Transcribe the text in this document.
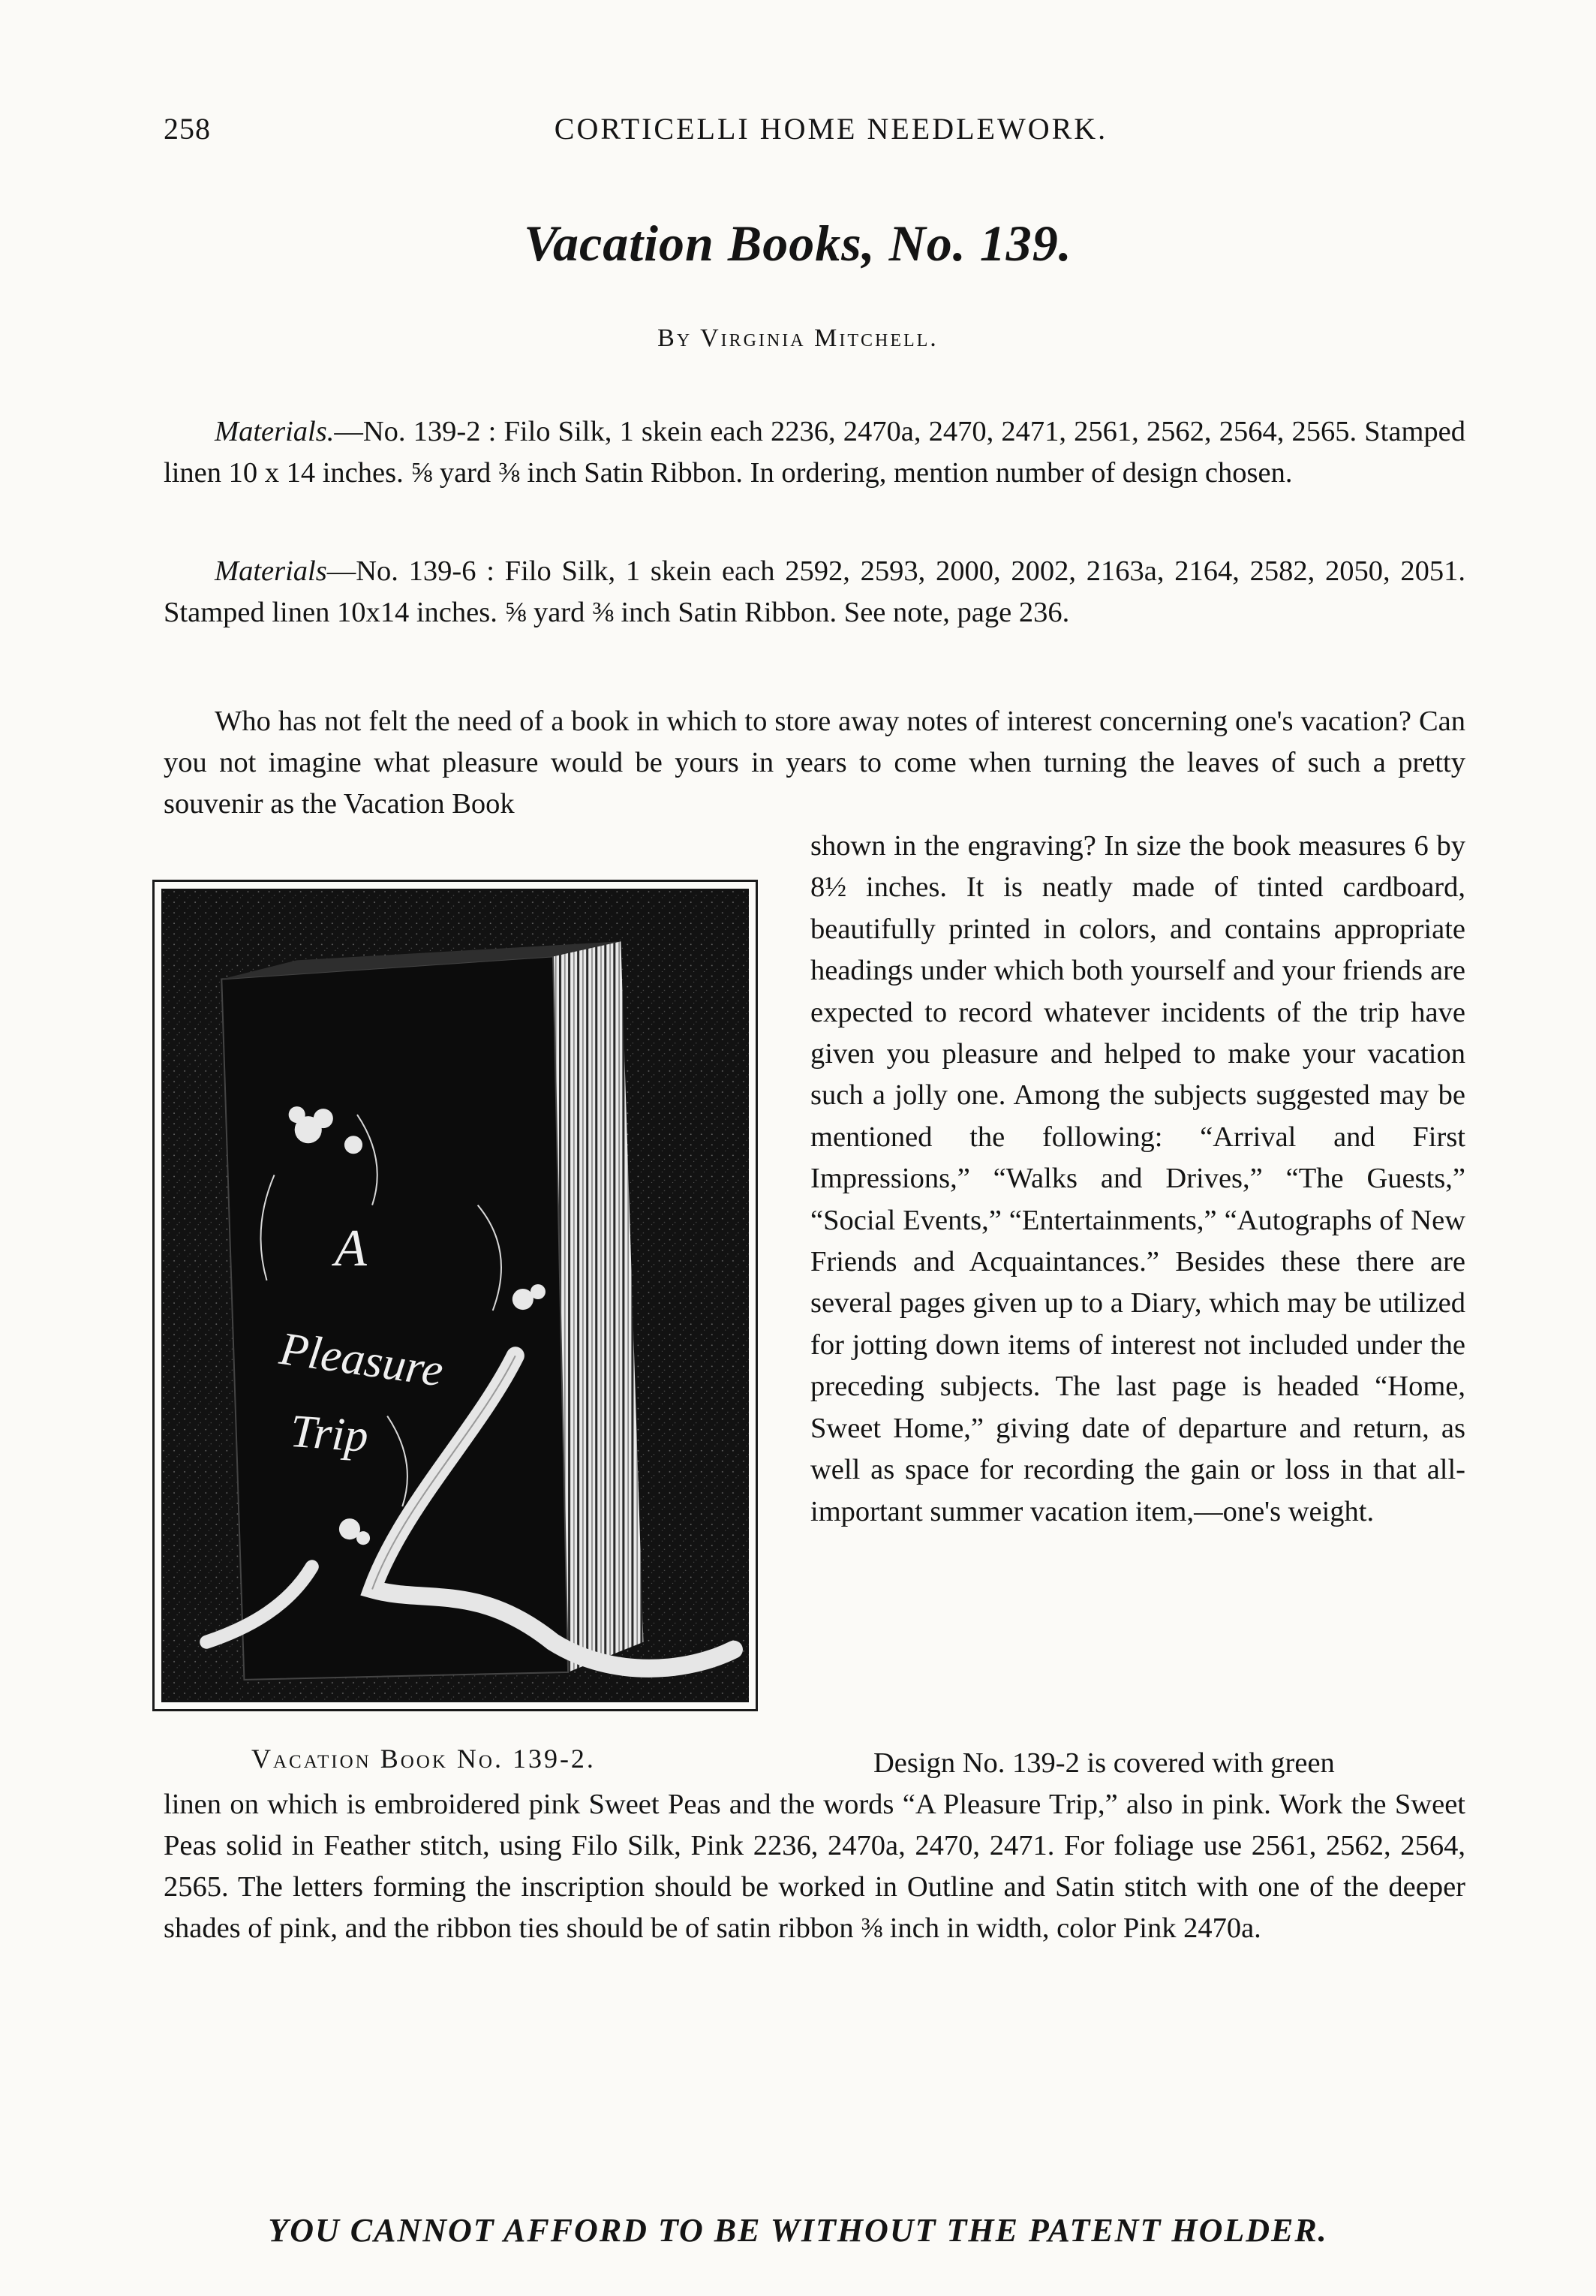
258	CORTICELLI HOME NEEDLEWORK.
Vacation Books, No. 139.
By Virginia Mitchell.

Materials.—No. 139-2 : Filo Silk, 1 skein each 2236, 2470a, 2470, 2471, 2561, 2562, 2564, 2565. Stamped linen 10 x 14 inches. ⅝ yard ⅜ inch Satin Ribbon. In ordering, mention number of design chosen.

Materials—No. 139-6 : Filo Silk, 1 skein each 2592, 2593, 2000, 2002, 2163a, 2164, 2582, 2050, 2051. Stamped linen 10x14 inches. ⅝ yard ⅜ inch Satin Ribbon. See note, page 236.

Who has not felt the need of a book in which to store away notes of interest concerning one's vacation? Can you not imagine what pleasure would be yours in years to come when turning the leaves of such a pretty souvenir as the Vacation Book

A
Pleasure
Trip
shown in the engraving? In size the book measures 6 by 8½ inches. It is neatly made of tinted cardboard, beautifully printed in colors, and contains appropriate headings under which both yourself and your friends are expected to record whatever incidents of the trip have given you pleasure and helped to make your vacation such a jolly one. Among the subjects suggested may be mentioned the following: “Arrival and First Impressions,” “Walks and Drives,” “The Guests,” “Social Events,” “Entertainments,” “Autographs of New Friends and Acquaintances.” Besides these there are several pages given up to a Diary, which may be utilized for jotting down items of interest not included under the preceding subjects. The last page is headed “Home, Sweet Home,” giving date of departure and return, as well as space for recording the gain or loss in that all-important summer vacation item,—one's weight.
Vacation Book No. 139-2.	Design No. 139-2 is covered with green
linen on which is embroidered pink Sweet Peas and the words “A Pleasure Trip,” also in pink. Work the Sweet Peas solid in Feather stitch, using Filo Silk, Pink 2236, 2470a, 2470, 2471. For foliage use 2561, 2562, 2564, 2565. The letters forming the inscription should be worked in Outline and Satin stitch with one of the deeper shades of pink, and the ribbon ties should be of satin ribbon ⅜ inch in width, color Pink 2470a.

YOU CANNOT AFFORD TO BE WITHOUT THE PATENT HOLDER.
